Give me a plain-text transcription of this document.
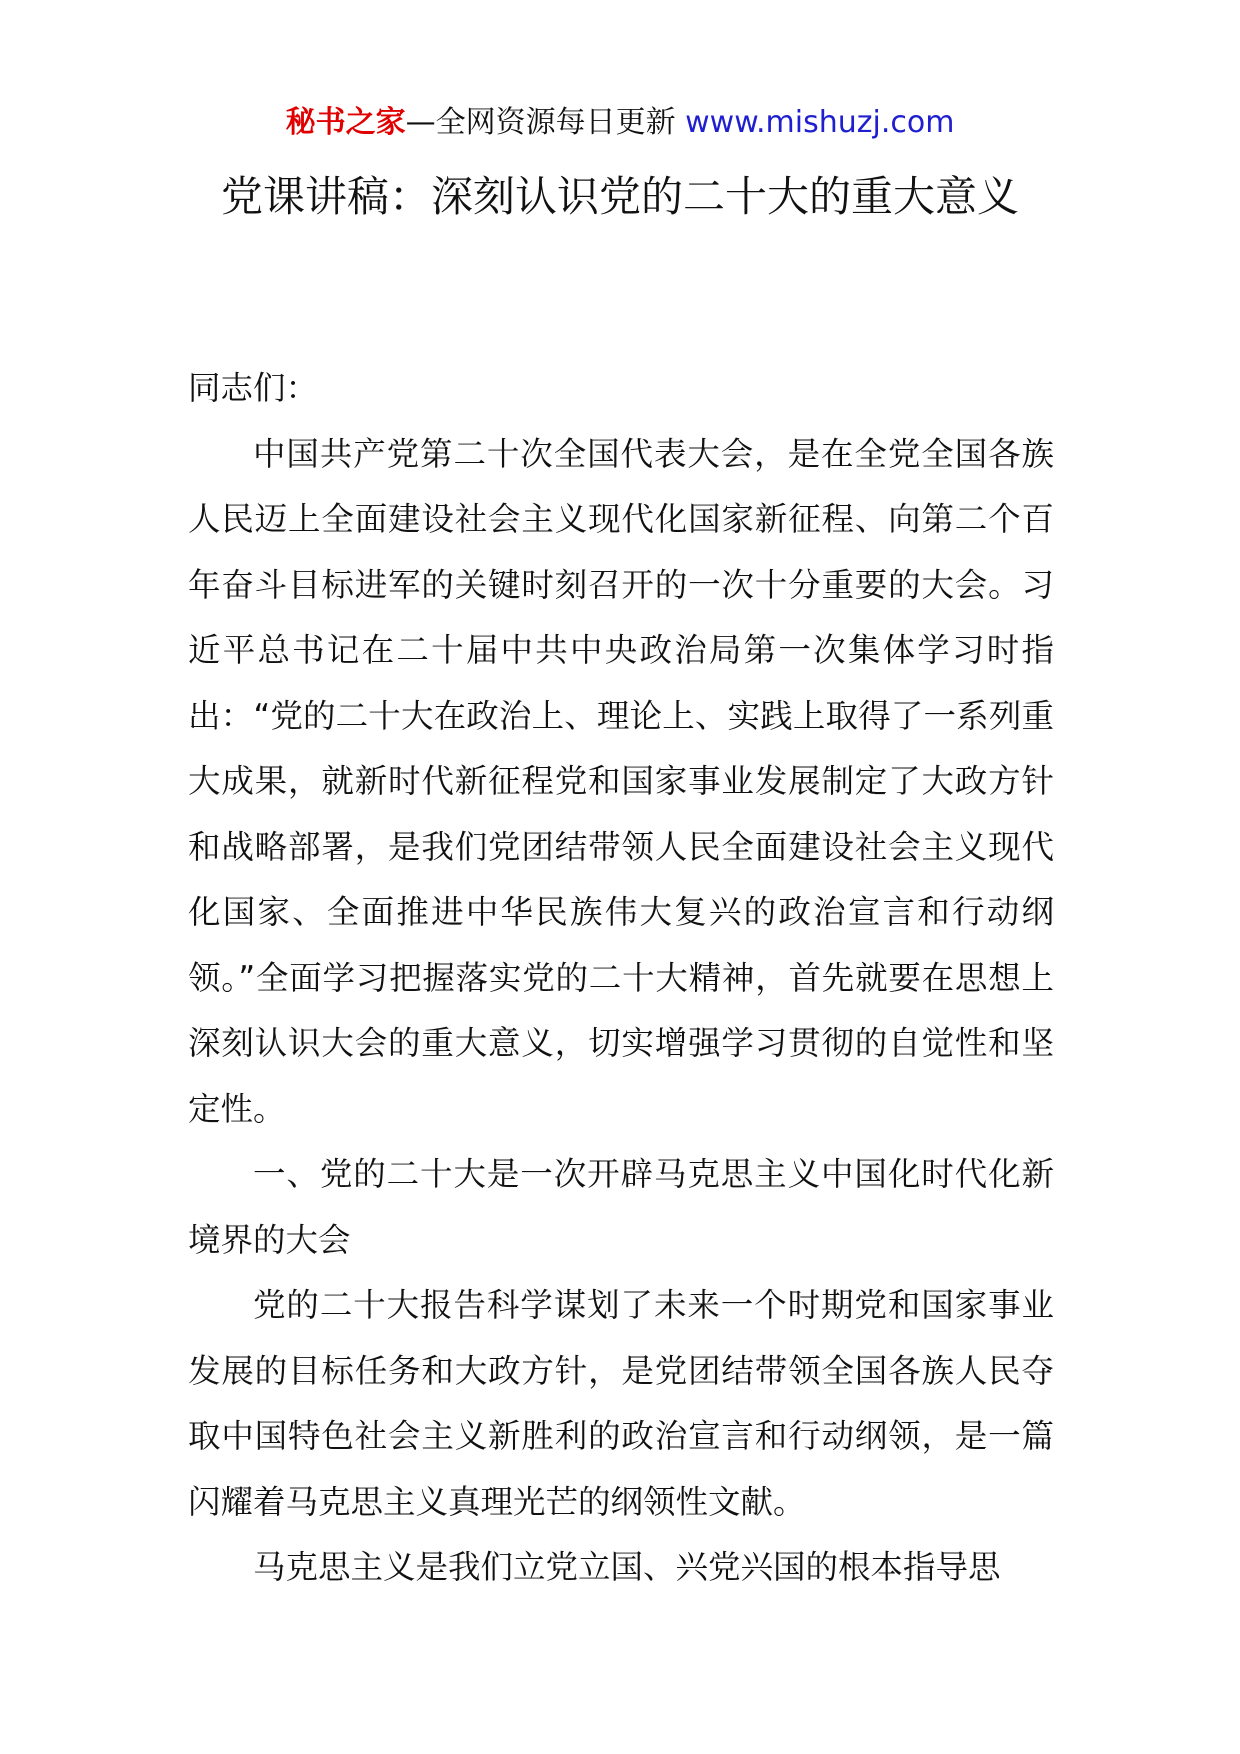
秘书之家—全网资源每日更新 www.mishuzj.com
党课讲稿：深刻认识党的二十大的重大意义

同志们：

中国共产党第二十次全国代表大会，是在全党全国各族人民迈上全面建设社会主义现代化国家新征程、向第二个百年奋斗目标进军的关键时刻召开的一次十分重要的大会。习近平总书记在二十届中共中央政治局第一次集体学习时指出：“党的二十大在政治上、理论上、实践上取得了一系列重大成果，就新时代新征程党和国家事业发展制定了大政方针和战略部署，是我们党团结带领人民全面建设社会主义现代化国家、全面推进中华民族伟大复兴的政治宣言和行动纲领。”全面学习把握落实党的二十大精神，首先就要在思想上深刻认识大会的重大意义，切实增强学习贯彻的自觉性和坚定性。

一、党的二十大是一次开辟马克思主义中国化时代化新境界的大会

党的二十大报告科学谋划了未来一个时期党和国家事业发展的目标任务和大政方针，是党团结带领全国各族人民夺取中国特色社会主义新胜利的政治宣言和行动纲领，是一篇闪耀着马克思主义真理光芒的纲领性文献。

马克思主义是我们立党立国、兴党兴国的根本指导思
